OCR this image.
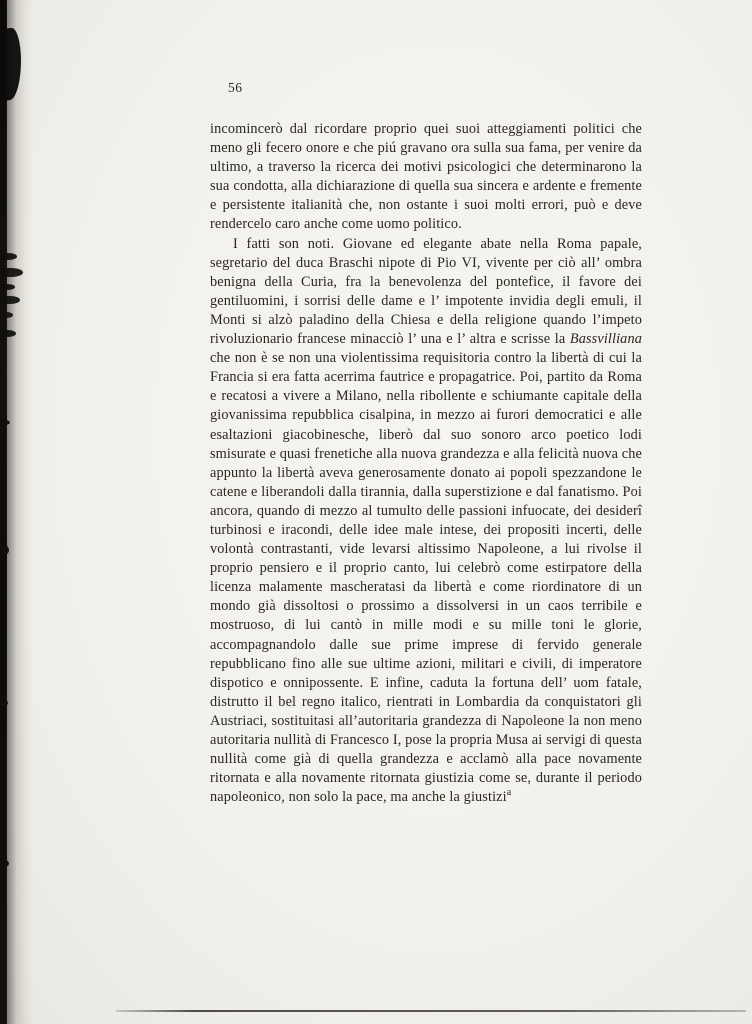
56

incomincerò dal ricordare proprio quei suoi atteggiamenti politici che meno gli fecero onore e che piú gravano ora sulla sua fama, per venire da ultimo, a traverso la ricerca dei motivi psicologici che determinarono la sua condotta, alla dichiarazione di quella sua sincera e ardente e fremente e persistente italianità che, non ostante i suoi molti errori, può e deve rendercelo caro anche come uomo politico.

I fatti son noti. Giovane ed elegante abate nella Roma papale, segretario del duca Braschi nipote di Pio VI, vivente per ciò all’ ombra benigna della Curia, fra la benevolenza del pontefice, il favore dei gentiluomini, i sorrisi delle dame e l’ impotente invidia degli emuli, il Monti si alzò paladino della Chiesa e della religione quando l’impeto rivoluzionario francese minacciò l’ una e l’ altra e scrisse la Bassvilliana che non è se non una violentissima requisitoria contro la libertà di cui la Francia si era fatta acerrima fautrice e propagatrice. Poi, partito da Roma e recatosi a vivere a Milano, nella ribollente e schiumante capitale della giovanissima repubblica cisalpina, in mezzo ai furori democratici e alle esaltazioni giacobinesche, liberò dal suo sonoro arco poetico lodi smisurate e quasi frenetiche alla nuova grandezza e alla felicità nuova che appunto la libertà aveva generosamente donato ai popoli spezzandone le catene e liberandoli dalla tirannia, dalla superstizione e dal fanatismo. Poi ancora, quando di mezzo al tumulto delle passioni infuocate, dei desiderî turbinosi e iracondi, delle idee male intese, dei propositi incerti, delle volontà contrastanti, vide levarsi altissimo Napoleone, a lui rivolse il proprio pensiero e il proprio canto, lui celebrò come estirpatore della licenza malamente mascheratasi da libertà e come riordinatore di un mondo già dissoltosi o prossimo a dissolversi in un caos terribile e mostruoso, di lui cantò in mille modi e su mille toni le glorie, accompagnandolo dalle sue prime imprese di fervido generale repubblicano fino alle sue ultime azioni, militari e civili, di imperatore dispotico e onnipossente. E infine, caduta la fortuna dell’ uom fatale, distrutto il bel regno italico, rientrati in Lombardia da conquistatori gli Austriaci, sostituitasi all’autoritaria grandezza di Napoleone la non meno autoritaria nullità di Francesco I, pose la propria Musa ai servigi di questa nullità come già di quella grandezza e acclamò alla pace novamente ritornata e alla novamente ritornata giustizia come se, durante il periodo napoleonico, non solo la pace, ma anche la giustizi$^a$
